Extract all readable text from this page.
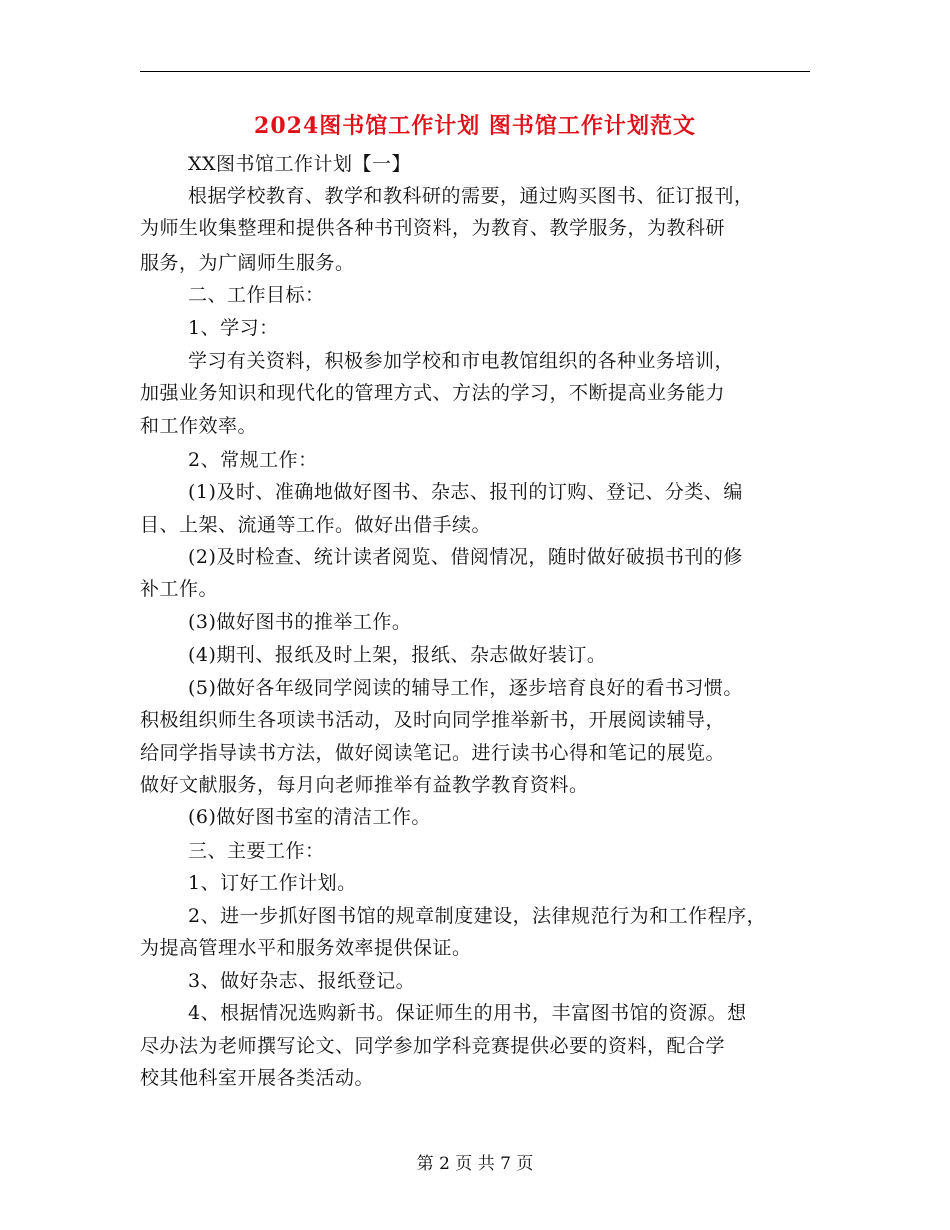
2024图书馆工作计划 图书馆工作计划范文
XX图书馆工作计划【一】
根据学校教育、教学和教科研的需要，通过购买图书、征订报刊，
为师生收集整理和提供各种书刊资料，为教育、教学服务，为教科研
服务，为广阔师生服务。
二、工作目标：
1、学习：
学习有关资料，积极参加学校和市电教馆组织的各种业务培训，
加强业务知识和现代化的管理方式、方法的学习，不断提高业务能力
和工作效率。
2、常规工作：
(1)及时、准确地做好图书、杂志、报刊的订购、登记、分类、编
目、上架、流通等工作。做好出借手续。
(2)及时检查、统计读者阅览、借阅情况，随时做好破损书刊的修
补工作。
(3)做好图书的推举工作。
(4)期刊、报纸及时上架，报纸、杂志做好装订。
(5)做好各年级同学阅读的辅导工作，逐步培育良好的看书习惯。
积极组织师生各项读书活动，及时向同学推举新书，开展阅读辅导，
给同学指导读书方法，做好阅读笔记。进行读书心得和笔记的展览。
做好文献服务，每月向老师推举有益教学教育资料。
(6)做好图书室的清洁工作。
三、主要工作：
1、订好工作计划。
2、进一步抓好图书馆的规章制度建设，法律规范行为和工作程序，
为提高管理水平和服务效率提供保证。
3、做好杂志、报纸登记。
4、根据情况选购新书。保证师生的用书，丰富图书馆的资源。想
尽办法为老师撰写论文、同学参加学科竞赛提供必要的资料，配合学
校其他科室开展各类活动。
第 2 页 共 7 页
